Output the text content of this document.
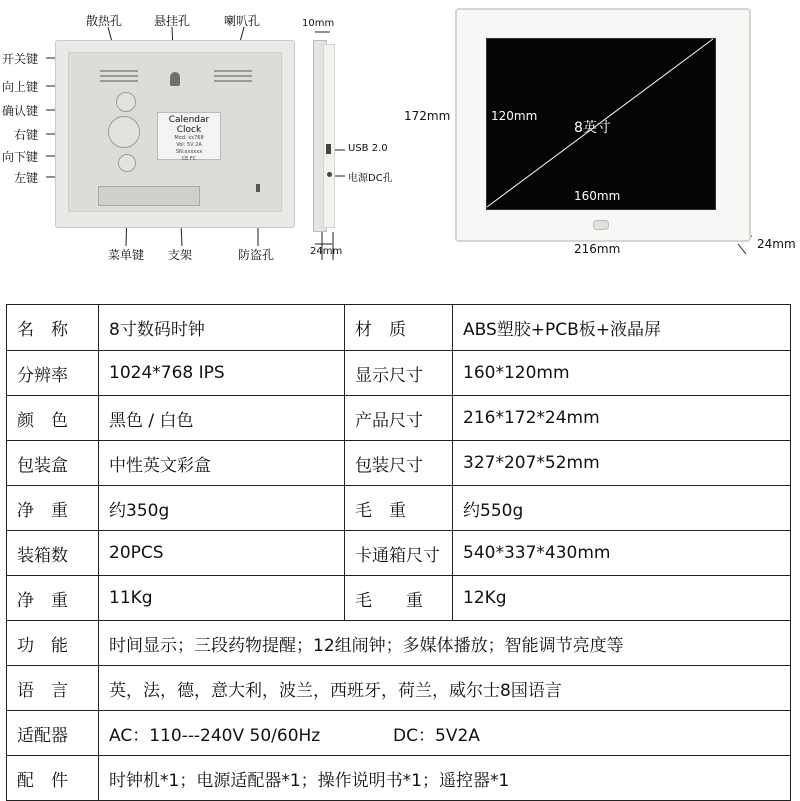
Calendar Clock
Mod: xx768
Vol: 5V 2A
SN:xxxxxx
CE FC
散热孔	悬挂孔	喇叭孔
开关键
向上键
确认键
右键
向下键
左键
菜单键 支架	防盗孔
10mm
USB 2.0
电源DC孔
24mm
172mm	120mm
8英寸
160mm
216mm	24mm
名　称	8寸数码时钟	材　质	ABS塑胶+PCB板+液晶屏
分辨率	1024*768 IPS	显示尺寸	160*120mm
颜　色	黑色 / 白色	产品尺寸	216*172*24mm
包装盒	中性英文彩盒	包装尺寸	327*207*52mm
净　重	约350g	毛　重	约550g
装箱数	20PCS	卡通箱尺寸	540*337*430mm
净　重	11Kg	毛　　重	12Kg
功　能	时间显示；三段药物提醒；12组闹钟；多媒体播放；智能调节亮度等		
语　言	英，法，德，意大利，波兰，西班牙，荷兰，威尔士8国语言		
适配器	AC：110---240V 50/60Hz DC：5V2A		
配　件	时钟机*1；电源适配器*1；操作说明书*1；遥控器*1		
